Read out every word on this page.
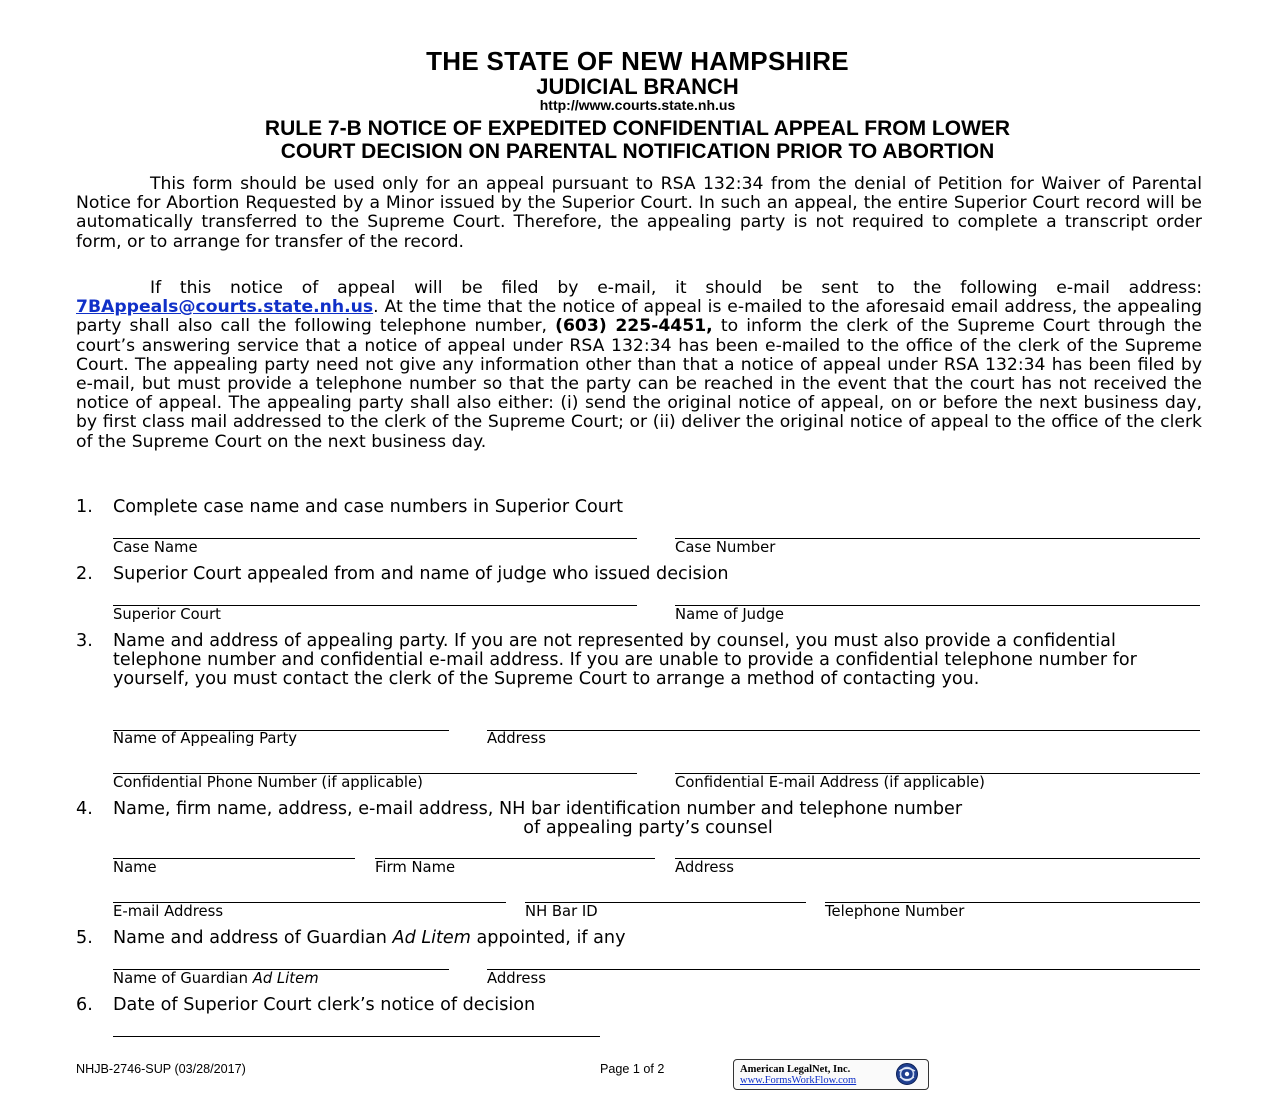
THE STATE OF NEW HAMPSHIRE
JUDICIAL BRANCH
http://www.courts.state.nh.us
RULE 7-B NOTICE OF EXPEDITED CONFIDENTIAL APPEAL FROM LOWER
COURT DECISION ON PARENTAL NOTIFICATION PRIOR TO ABORTION
This form should be used only for an appeal pursuant to RSA 132:34 from the denial of Petition for Waiver of Parental Notice for Abortion Requested by a Minor issued by the Superior Court. In such an appeal, the entire Superior Court record will be automatically transferred to the Supreme Court. Therefore, the appealing party is not required to complete a transcript order form, or to arrange for transfer of the record.
If this notice of appeal will be filed by e-mail, it should be sent to the following e-mail address: 7BAppeals@courts.state.nh.us. At the time that the notice of appeal is e-mailed to the aforesaid email address, the appealing party shall also call the following telephone number, (603) 225-4451, to inform the clerk of the Supreme Court through the court’s answering service that a notice of appeal under RSA 132:34 has been e-mailed to the office of the clerk of the Supreme Court. The appealing party need not give any information other than that a notice of appeal under RSA 132:34 has been filed by e-mail, but must provide a telephone number so that the party can be reached in the event that the court has not received the notice of appeal. The appealing party shall also either: (i) send the original notice of appeal, on or before the next business day, by first class mail addressed to the clerk of the Supreme Court; or (ii) deliver the original notice of appeal to the office of the clerk of the Supreme Court on the next business day.
1. Complete case name and case numbers in Superior Court
Case Name	Case Number
2. Superior Court appealed from and name of judge who issued decision
Superior Court	Name of Judge
3. Name and address of appealing party. If you are not represented by counsel, you must also provide a confidential telephone number and confidential e-mail address. If you are unable to provide a confidential telephone number for yourself, you must contact the clerk of the Supreme Court to arrange a method of contacting you.
Name of Appealing Party	Address
Confidential Phone Number (if applicable)	Confidential E-mail Address (if applicable)
4. Name, firm name, address, e-mail address, NH bar identification number and telephone number
of appealing party’s counsel
Name	Firm Name	Address
E-mail Address	NH Bar ID	Telephone Number
5. Name and address of Guardian Ad Litem appointed, if any
Name of Guardian Ad Litem	Address
6. Date of Superior Court clerk’s notice of decision
NHJB-2746-SUP (03/28/2017)	Page 1 of 2	American LegalNet, Inc.
www.FormsWorkFlow.com
